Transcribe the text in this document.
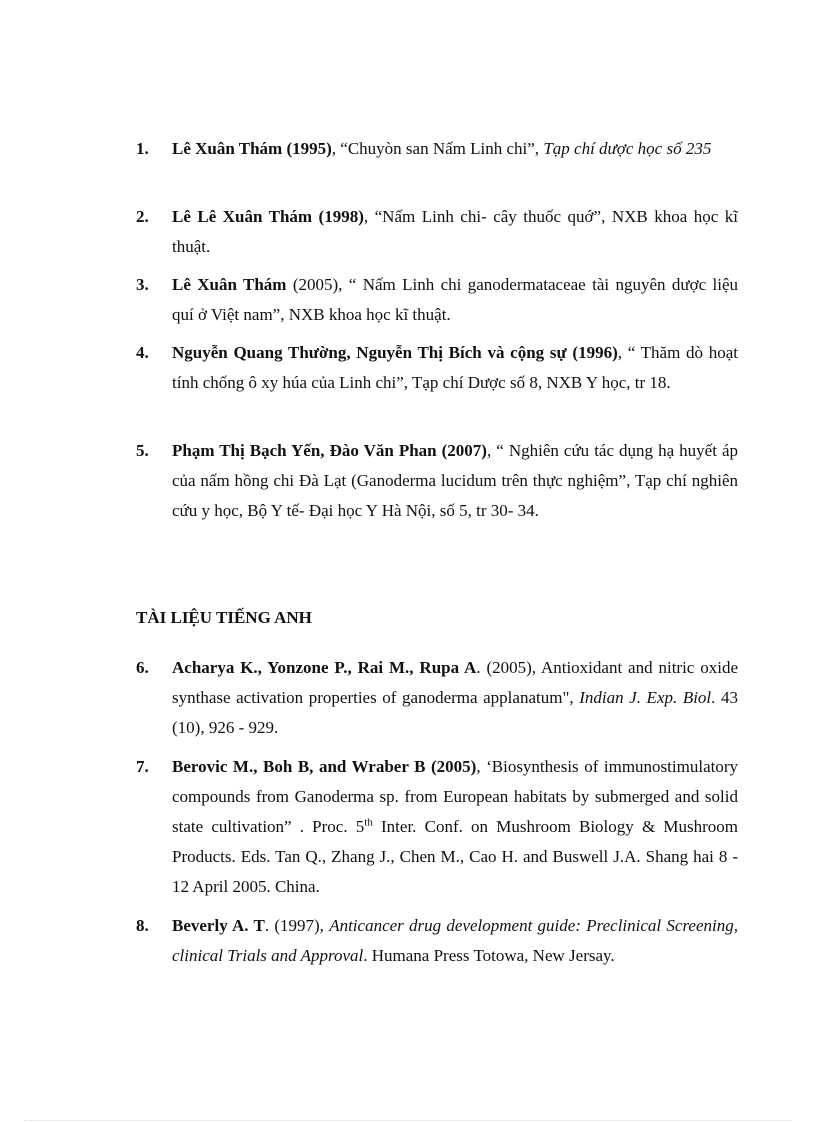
1.	Lê Xuân Thám (1995), “Chuyòn san Nấm Linh chi”, Tạp chí dược học số 235
2.	Lê Lê Xuân Thám (1998), “Nấm Linh chi- cây thuốc quớ”, NXB khoa học kĩ thuật.
3.	Lê Xuân Thám (2005), “ Nấm Linh chi ganodermataceae tài nguyên dược liệu quí ở Việt nam”, NXB khoa học kĩ thuật.
4.	Nguyễn Quang Thường, Nguyễn Thị Bích và cộng sự (1996), “ Thăm dò hoạt tính chống ô xy húa của Linh chi”, Tạp chí Dược số 8, NXB Y học, tr 18.
5.	Phạm Thị Bạch Yến, Đào Văn Phan (2007), “ Nghiên cứu tác dụng hạ huyết áp của nấm hồng chi Đà Lạt (Ganoderma lucidum trên thực nghiệm”, Tạp chí nghiên cứu y học, Bộ Y tế- Đại học Y Hà Nội, số 5, tr 30- 34.
TÀI LIỆU TIẾNG ANH
6.	Acharya K., Yonzone P., Rai M., Rupa A. (2005), Antioxidant and nitric oxide synthase activation properties of ganoderma applanatum", Indian J. Exp. Biol. 43 (10), 926 - 929.
7.	Berovic M., Boh B, and Wraber B (2005), ‘Biosynthesis of immunostimulatory compounds from Ganoderma sp. from European habitats by submerged and solid state cultivation” . Proc. 5th Inter. Conf. on Mushroom Biology & Mushroom Products. Eds. Tan Q., Zhang J., Chen M., Cao H. and Buswell J.A. Shang hai 8 - 12 April 2005. China.
8.	Beverly A. T. (1997), Anticancer drug development guide: Preclinical Screening, clinical Trials and Approval. Humana Press Totowa, New Jersay.
